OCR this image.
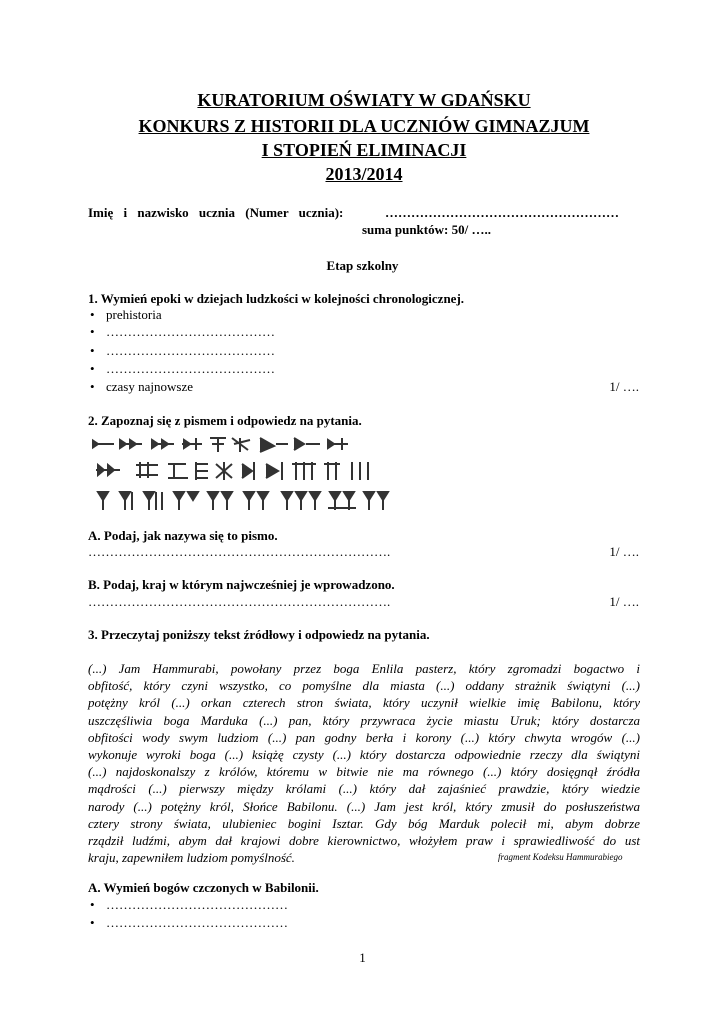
KURATORIUM OŚWIATY W GDAŃSKU
KONKURS Z HISTORII DLA UCZNIÓW GIMNAZJUM
I STOPIEŃ ELIMINACJI
2013/2014
Imię i nazwisko ucznia (Numer ucznia):	………………………………………………
suma punktów: 50/ …..
Etap szkolny
1. Wymień epoki w dziejach ludzkości w kolejności chronologicznej.
• prehistoria
• …………………………………
• …………………………………
• …………………………………
• czasy najnowsze	1/ ….
2. Zapoznaj się z pismem i odpowiedz na pytania.
A. Podaj, jak nazywa się to pismo.
…………………………………………………………….	1/ ….
B. Podaj, kraj w którym najwcześniej je wprowadzono.
…………………………………………………………….	1/ ….
3. Przeczytaj poniższy tekst źródłowy i odpowiedz na pytania.
(...) Jam Hammurabi, powołany przez boga Enlila pasterz, który zgromadzi bogactwo i
obfitość, który czyni wszystko, co pomyślne dla miasta (...) oddany strażnik świątyni (...)
potężny król (...) orkan czterech stron świata, który uczynił wielkie imię Babilonu, który
uszczęśliwia boga Marduka (...) pan, który przywraca życie miastu Uruk; który dostarcza
obfitości wody swym ludziom (...) pan godny berła i korony (...) który chwyta wrogów (...)
wykonuje wyroki boga (...) książę czysty (...) który dostarcza odpowiednie rzeczy dla świątyni
(...) najdoskonalszy z królów, któremu w bitwie nie ma równego (...) który dosięgnął źródła
mądrości (...) pierwszy między królami (...) który dał zajaśnieć prawdzie, który wiedzie
narody (...) potężny król, Słońce Babilonu. (...) Jam jest król, który zmusił do posłuszeństwa
cztery strony świata, ulubieniec bogini Isztar. Gdy bóg Marduk polecił mi, abym dobrze
rządził ludźmi, abym dał krajowi dobre kierownictwo, włożyłem praw i sprawiedliwość do ust
kraju, zapewniłem ludziom pomyślność.	fragment Kodeksu Hammurabiego
A. Wymień bogów czczonych w Babilonii.
• ……………………………………
• ……………………………………
1
